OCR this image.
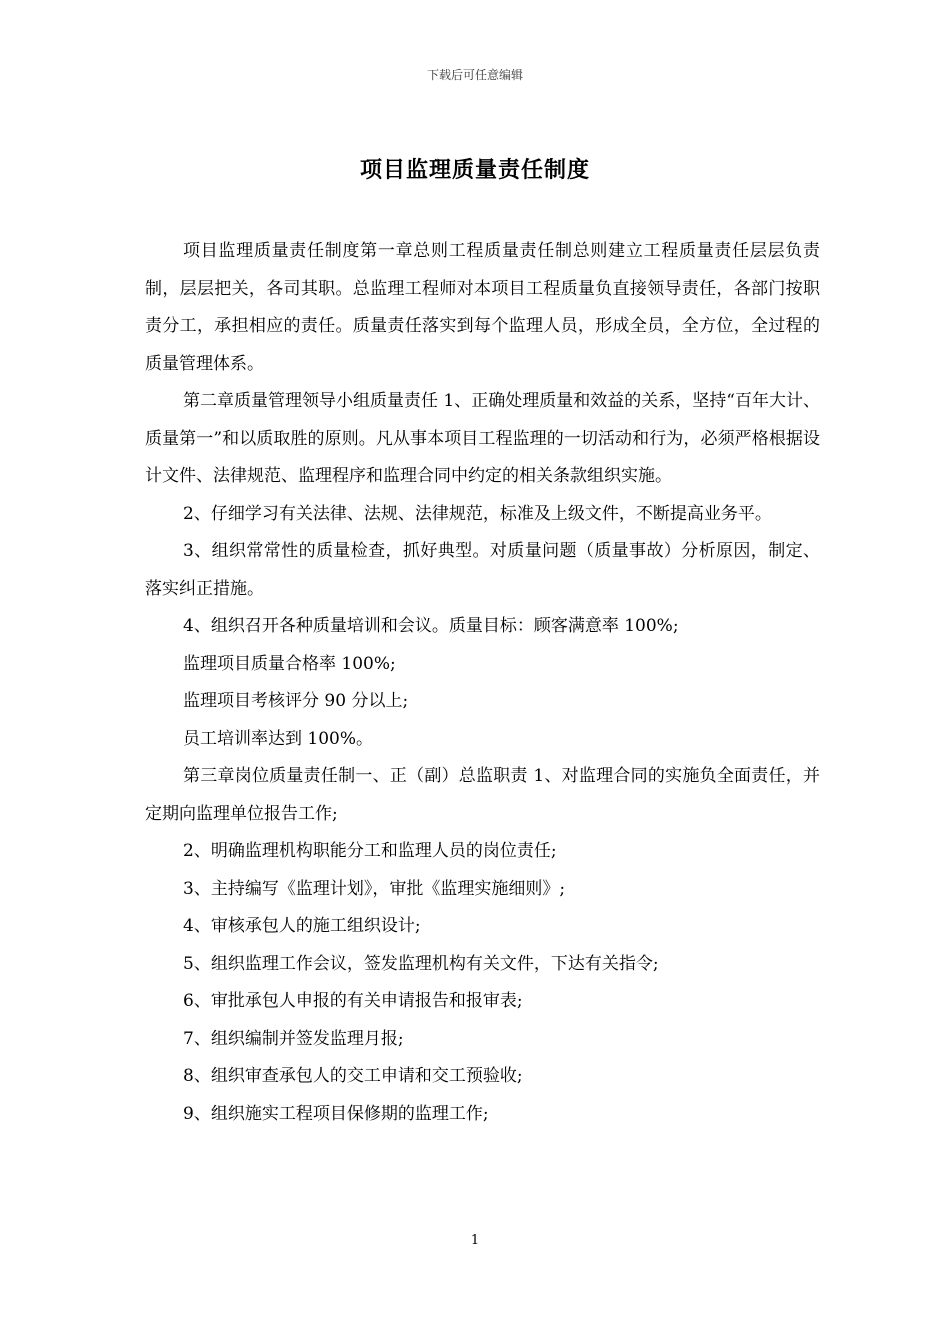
下载后可任意编辑
项目监理质量责任制度

项目监理质量责任制度第一章总则工程质量责任制总则建立工程质量责任层层负责制，层层把关，各司其职。总监理工程师对本项目工程质量负直接领导责任，各部门按职责分工，承担相应的责任。质量责任落实到每个监理人员，形成全员，全方位，全过程的质量管理体系。

第二章质量管理领导小组质量责任 1、正确处理质量和效益的关系，坚持“百年大计、质量第一”和以质取胜的原则。凡从事本项目工程监理的一切活动和行为，必须严格根据设计文件、法律规范、监理程序和监理合同中约定的相关条款组织实施。

2、仔细学习有关法律、法规、法律规范，标准及上级文件，不断提高业务平。

3、组织常常性的质量检查，抓好典型。对质量问题（质量事故）分析原因，制定、落实纠正措施。

4、组织召开各种质量培训和会议。质量目标：顾客满意率 100%;

监理项目质量合格率 100%;

监理项目考核评分 90 分以上;

员工培训率达到 100%。

第三章岗位质量责任制一、正（副）总监职责 1、对监理合同的实施负全面责任，并定期向监理单位报告工作;

2、明确监理机构职能分工和监理人员的岗位责任;

3、主持编写《监理计划》，审批《监理实施细则》;

4、审核承包人的施工组织设计;

5、组织监理工作会议，签发监理机构有关文件，下达有关指令;

6、审批承包人申报的有关申请报告和报审表;

7、组织编制并签发监理月报;

8、组织审查承包人的交工申请和交工预验收;

9、组织施实工程项目保修期的监理工作;

1
